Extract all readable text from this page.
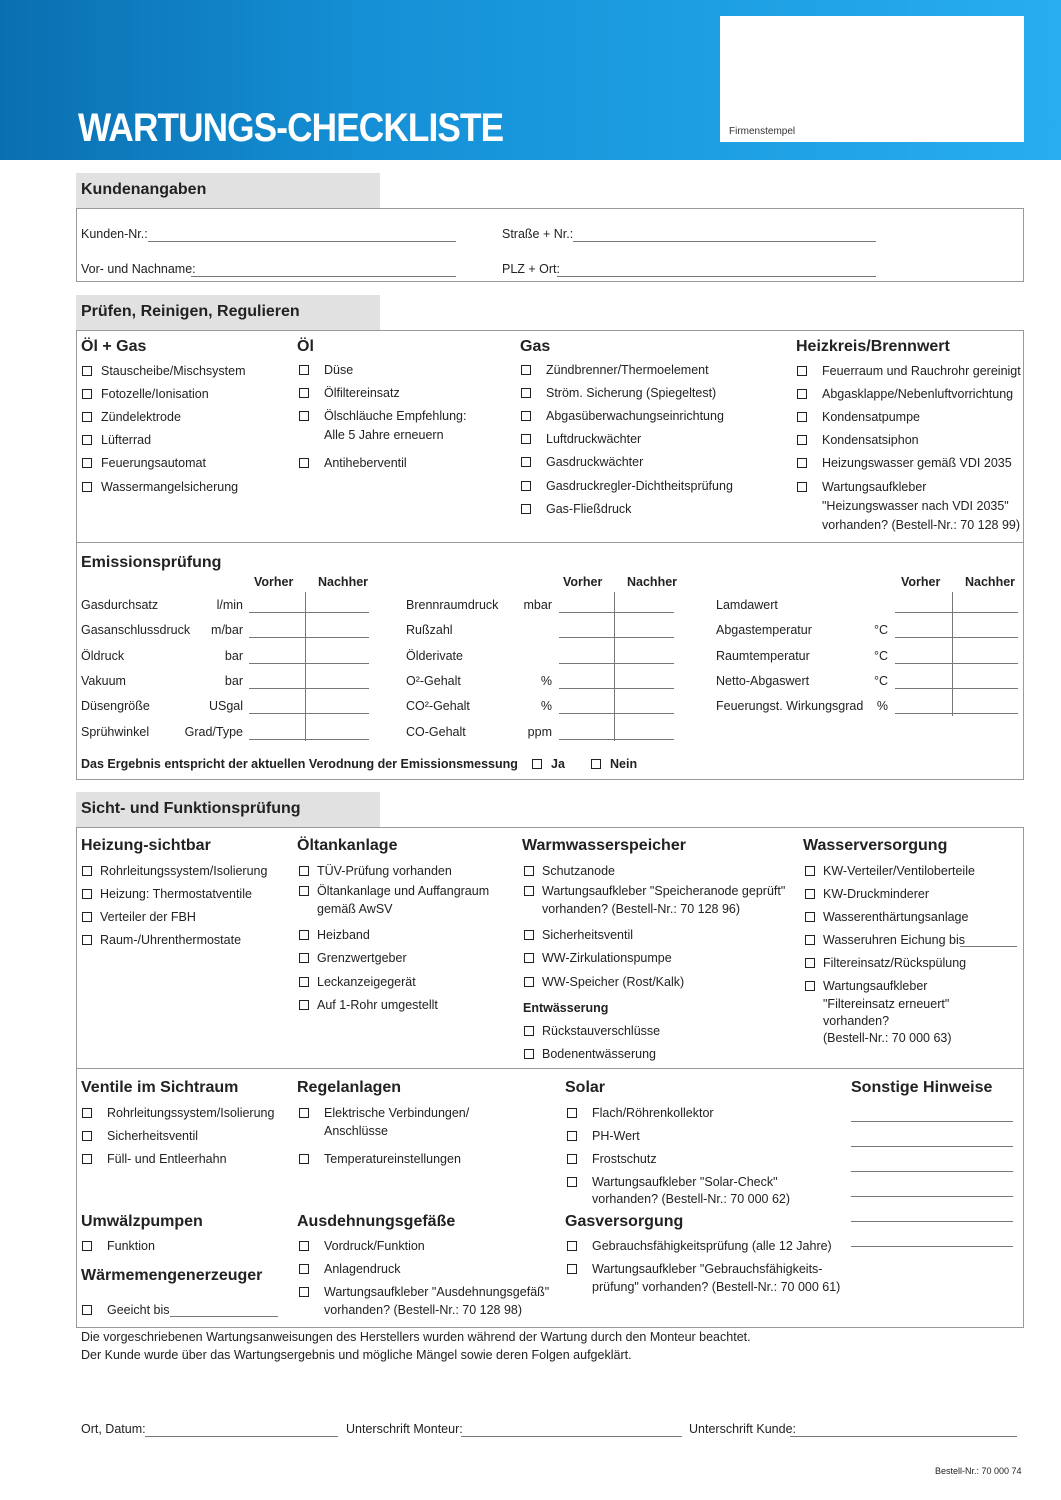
WARTUNGS-CHECKLISTE	Firmenstempel
Kundenangaben
Kunden-Nr.:	Straße + Nr.:
Vor- und Nachname:	PLZ + Ort:
Prüfen, Reinigen, Regulieren
Öl + Gas	Öl	Gas	Heizkreis/Brennwert
Stauscheibe/Mischsystem
Fotozelle/Ionisation
Zündelektrode
Lüfterrad
Feuerungsautomat
Wassermangelsicherung
Düse
Ölfiltereinsatz
Ölschläuche Empfehlung:
Alle 5 Jahre erneuern
Antiheberventil
Zündbrenner/Thermoelement
Ström. Sicherung (Spiegeltest)
Abgasüberwachungseinrichtung
Luftdruckwächter
Gasdruckwächter
Gasdruckregler-Dichtheitsprüfung
Gas-Fließdruck
Feuerraum und Rauchrohr gereinigt
Abgasklappe/Nebenluftvorrichtung
Kondensatpumpe
Kondensatsiphon
Heizungswasser gemäß VDI 2035
Wartungsaufkleber
"Heizungswasser nach VDI 2035"
vorhanden? (Bestell-Nr.: 70 128 99)
Emissionsprüfung
Vorher Nachher	Vorher Nachher	Vorher Nachher
Gasdurchsatz	l/min
Gasanschlussdruck	m/bar
Öldruck	bar
Vakuum	bar
Düsengröße	USgal
Sprühwinkel	Grad/Type
Brennraumdruck	mbar
Rußzahl
Ölderivate
O²-Gehalt	%
CO²-Gehalt	%
CO-Gehalt	ppm
Lamdawert
Abgastemperatur	°C
Raumtemperatur	°C
Netto-Abgaswert	°C
Feuerungst. Wirkungsgrad	%
Das Ergebnis entspricht der aktuellen Verodnung der Emissionsmessung	Ja	Nein
Sicht- und Funktionsprüfung
Heizung-sichtbar	Öltankanlage	Warmwasserspeicher	Wasserversorgung
Rohrleitungssystem/Isolierung
Heizung: Thermostatventile
Verteiler der FBH
Raum-/Uhrenthermostate
TÜV-Prüfung vorhanden
Öltankanlage und Auffangraum
gemäß AwSV
Heizband
Grenzwertgeber
Leckanzeigegerät
Auf 1-Rohr umgestellt
Schutzanode
Wartungsaufkleber "Speicheranode geprüft"
vorhanden? (Bestell-Nr.: 70 128 96)
Sicherheitsventil
WW-Zirkulationspumpe
WW-Speicher (Rost/Kalk)
Entwässerung
Rückstauverschlüsse
Bodenentwässerung
KW-Verteiler/Ventiloberteile
KW-Druckminderer
Wasserenthärtungsanlage
Wasseruhren Eichung bis
Filtereinsatz/Rückspülung
Wartungsaufkleber
"Filtereinsatz erneuert"
vorhanden?
(Bestell-Nr.: 70 000 63)
Ventile im Sichtraum	Regelanlagen	Solar	Sonstige Hinweise
Rohrleitungssystem/Isolierung
Sicherheitsventil
Füll- und Entleerhahn
Elektrische Verbindungen/
Anschlüsse
Temperatureinstellungen
Flach/Röhrenkollektor
PH-Wert
Frostschutz
Wartungsaufkleber "Solar-Check"
vorhanden? (Bestell-Nr.: 70 000 62)
Umwälzpumpen
Funktion
Wärmemengenerzeuger
Geeicht bis
Ausdehnungsgefäße
Vordruck/Funktion
Anlagendruck
Wartungsaufkleber "Ausdehnungsgefäß"
vorhanden? (Bestell-Nr.: 70 128 98)
Gasversorgung
Gebrauchsfähigkeitsprüfung (alle 12 Jahre)
Wartungsaufkleber "Gebrauchsfähigkeits-
prüfung" vorhanden? (Bestell-Nr.: 70 000 61)
Die vorgeschriebenen Wartungsanweisungen des Herstellers wurden während der Wartung durch den Monteur beachtet.
Der Kunde wurde über das Wartungsergebnis und mögliche Mängel sowie deren Folgen aufgeklärt.
Ort, Datum:	Unterschrift Monteur:	Unterschrift Kunde:
Bestell-Nr.: 70 000 74
